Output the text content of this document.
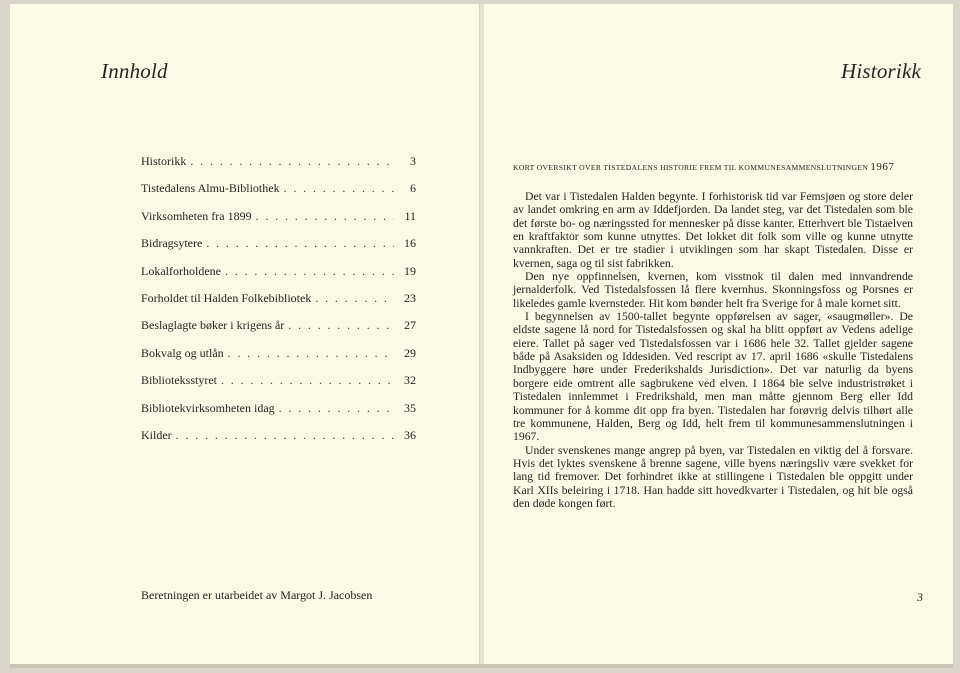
Innhold
Historikk . . .	3
Tistedalens Almu-Bibliothek . . .	6
Virksomheten fra 1899 . . .	11
Bidragsytere . . .	16
Lokalforholdene . . .	19
Forholdet til Halden Folkebibliotek . . .	23
Beslaglagte bøker i krigens år . . .	27
Bokvalg og utlån . . .	29
Biblioteksstyret . . .	32
Bibliotekvirksomheten idag . . .	35
Kilder . . .	36
Beretningen er utarbeidet av Margot J. Jacobsen
Historikk
KORT OVERSIKT OVER TISTEDALENS HISTORIE FREM TIL KOMMUNESAMMENSLUTNINGEN 1967

Det var i Tistedalen Halden begynte. I forhistorisk tid var Femsjøen og store deler av landet omkring en arm av Iddefjorden. Da landet steg, var det Tistedalen som ble det første bo- og næringssted for mennesker på disse kanter. Etterhvert ble Tistaelven en kraftfaktor som kunne utnyttes. Det lokket dit folk som ville og kunne utnytte vannkraften. Det er tre stadier i utviklingen som har skapt Tistedalen. Disse er kvernen, saga og til sist fabrikken.

Den nye oppfinnelsen, kvernen, kom visstnok til dalen med innvandrende jernalderfolk. Ved Tistedalsfossen lå flere kvernhus. Skonningsfoss og Porsnes er likeledes gamle kvernsteder. Hit kom bønder helt fra Sverige for å male kornet sitt.

I begynnelsen av 1500-tallet begynte oppførelsen av sager, «saugmøller». De eldste sagene lå nord for Tistedalsfossen og skal ha blitt oppført av Vedens adelige eiere. Tallet på sager ved Tistedalsfossen var i 1686 hele 32. Tallet gjelder sagene både på Asaksiden og Iddesiden. Ved rescript av 17. april 1686 «skulle Tistedalens Indbyggere høre under Frederikshalds Jurisdiction». Det var naturlig da byens borgere eide omtrent alle sagbrukene ved elven. I 1864 ble selve industristrøket i Tistedalen innlemmet i Fredrikshald, men man måtte gjennom Berg eller Idd kommuner for å komme dit opp fra byen. Tistedalen har forøvrig delvis tilhørt alle tre kommunene, Halden, Berg og Idd, helt frem til kommunesammenslutningen i 1967.

Under svenskenes mange angrep på byen, var Tistedalen en viktig del å forsvare. Hvis det lyktes svenskene å brenne sagene, ville byens næringsliv være svekket for lang tid fremover. Det forhindret ikke at stillingene i Tistedalen ble oppgitt under Karl XIIs beleiring i 1718. Han hadde sitt hovedkvarter i Tistedalen, og hit ble også den døde kongen ført.

3
